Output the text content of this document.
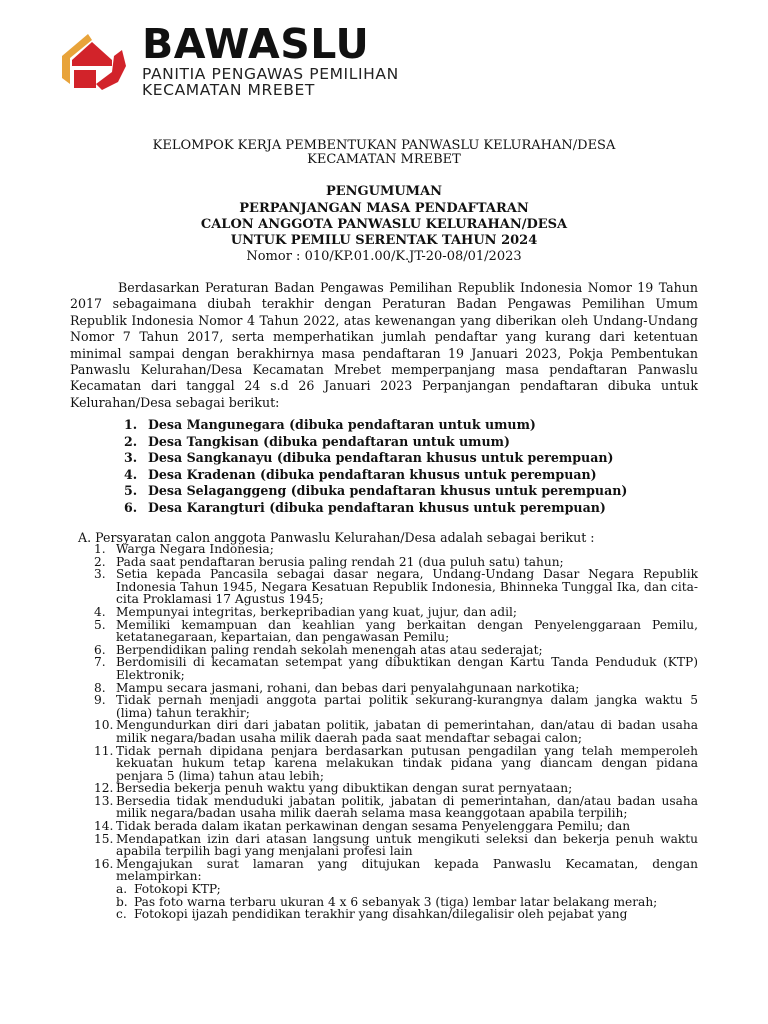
BAWASLU
PANITIA PENGAWAS PEMILIHAN
KECAMATAN MREBET
KELOMPOK KERJA PEMBENTUKAN PANWASLU KELURAHAN/DESA
KECAMATAN MREBET
PENGUMUMAN
PERPANJANGAN MASA PENDAFTARAN
CALON ANGGOTA PANWASLU KELURAHAN/DESA
UNTUK PEMILU SERENTAK TAHUN 2024
Nomor : 010/KP.01.00/K.JT-20-08/01/2023

Berdasarkan Peraturan Badan Pengawas Pemilihan Republik Indonesia Nomor 19 Tahun 2017 sebagaimana diubah terakhir dengan Peraturan Badan Pengawas Pemilihan Umum Republik Indonesia Nomor 4 Tahun 2022, atas kewenangan yang diberikan oleh Undang-Undang Nomor 7 Tahun 2017, serta memperhatikan jumlah pendaftar yang kurang dari ketentuan minimal sampai dengan berakhirnya masa pendaftaran 19 Januari 2023, Pokja Pembentukan Panwaslu Kelurahan/Desa Kecamatan Mrebet memperpanjang masa pendaftaran Panwaslu Kecamatan dari tanggal 24 s.d 26 Januari 2023 Perpanjangan pendaftaran dibuka untuk Kelurahan/Desa sebagai berikut:

1. Desa Mangunegara (dibuka pendaftaran untuk umum)
2. Desa Tangkisan (dibuka pendaftaran untuk umum)
3. Desa Sangkanayu (dibuka pendaftaran khusus untuk perempuan)
4. Desa Kradenan (dibuka pendaftaran khusus untuk perempuan)
5. Desa Selaganggeng (dibuka pendaftaran khusus untuk perempuan)
6. Desa Karangturi (dibuka pendaftaran khusus untuk perempuan)
A. Persyaratan calon anggota Panwaslu Kelurahan/Desa adalah sebagai berikut :
1. Warga Negara Indonesia;
2. Pada saat pendaftaran berusia paling rendah 21 (dua puluh satu) tahun;
3. Setia kepada Pancasila sebagai dasar negara, Undang-Undang Dasar Negara Republik Indonesia Tahun 1945, Negara Kesatuan Republik Indonesia, Bhinneka Tunggal Ika, dan cita-cita Proklamasi 17 Agustus 1945;
4. Mempunyai integritas, berkepribadian yang kuat, jujur, dan adil;
5. Memiliki kemampuan dan keahlian yang berkaitan dengan Penyelenggaraan Pemilu, ketatanegaraan, kepartaian, dan pengawasan Pemilu;
6. Berpendidikan paling rendah sekolah menengah atas atau sederajat;
7. Berdomisili di kecamatan setempat yang dibuktikan dengan Kartu Tanda Penduduk (KTP) Elektronik;
8. Mampu secara jasmani, rohani, dan bebas dari penyalahgunaan narkotika;
9. Tidak pernah menjadi anggota partai politik sekurang-kurangnya dalam jangka waktu 5 (lima) tahun terakhir;
10. Mengundurkan diri dari jabatan politik, jabatan di pemerintahan, dan/atau di badan usaha milik negara/badan usaha milik daerah pada saat mendaftar sebagai calon;
11. Tidak pernah dipidana penjara berdasarkan putusan pengadilan yang telah memperoleh kekuatan hukum tetap karena melakukan tindak pidana yang diancam dengan pidana penjara 5 (lima) tahun atau lebih;
12. Bersedia bekerja penuh waktu yang dibuktikan dengan surat pernyataan;
13. Bersedia tidak menduduki jabatan politik, jabatan di pemerintahan, dan/atau badan usaha milik negara/badan usaha milik daerah selama masa keanggotaan apabila terpilih;
14. Tidak berada dalam ikatan perkawinan dengan sesama Penyelenggara Pemilu; dan
15. Mendapatkan izin dari atasan langsung untuk mengikuti seleksi dan bekerja penuh waktu apabila terpilih bagi yang menjalani profesi lain
16. Mengajukan surat lamaran yang ditujukan kepada Panwaslu Kecamatan, dengan melampirkan:
a. Fotokopi KTP;
b. Pas foto warna terbaru ukuran 4 x 6 sebanyak 3 (tiga) lembar latar belakang merah;
c. Fotokopi ijazah pendidikan terakhir yang disahkan/dilegalisir oleh pejabat yang
